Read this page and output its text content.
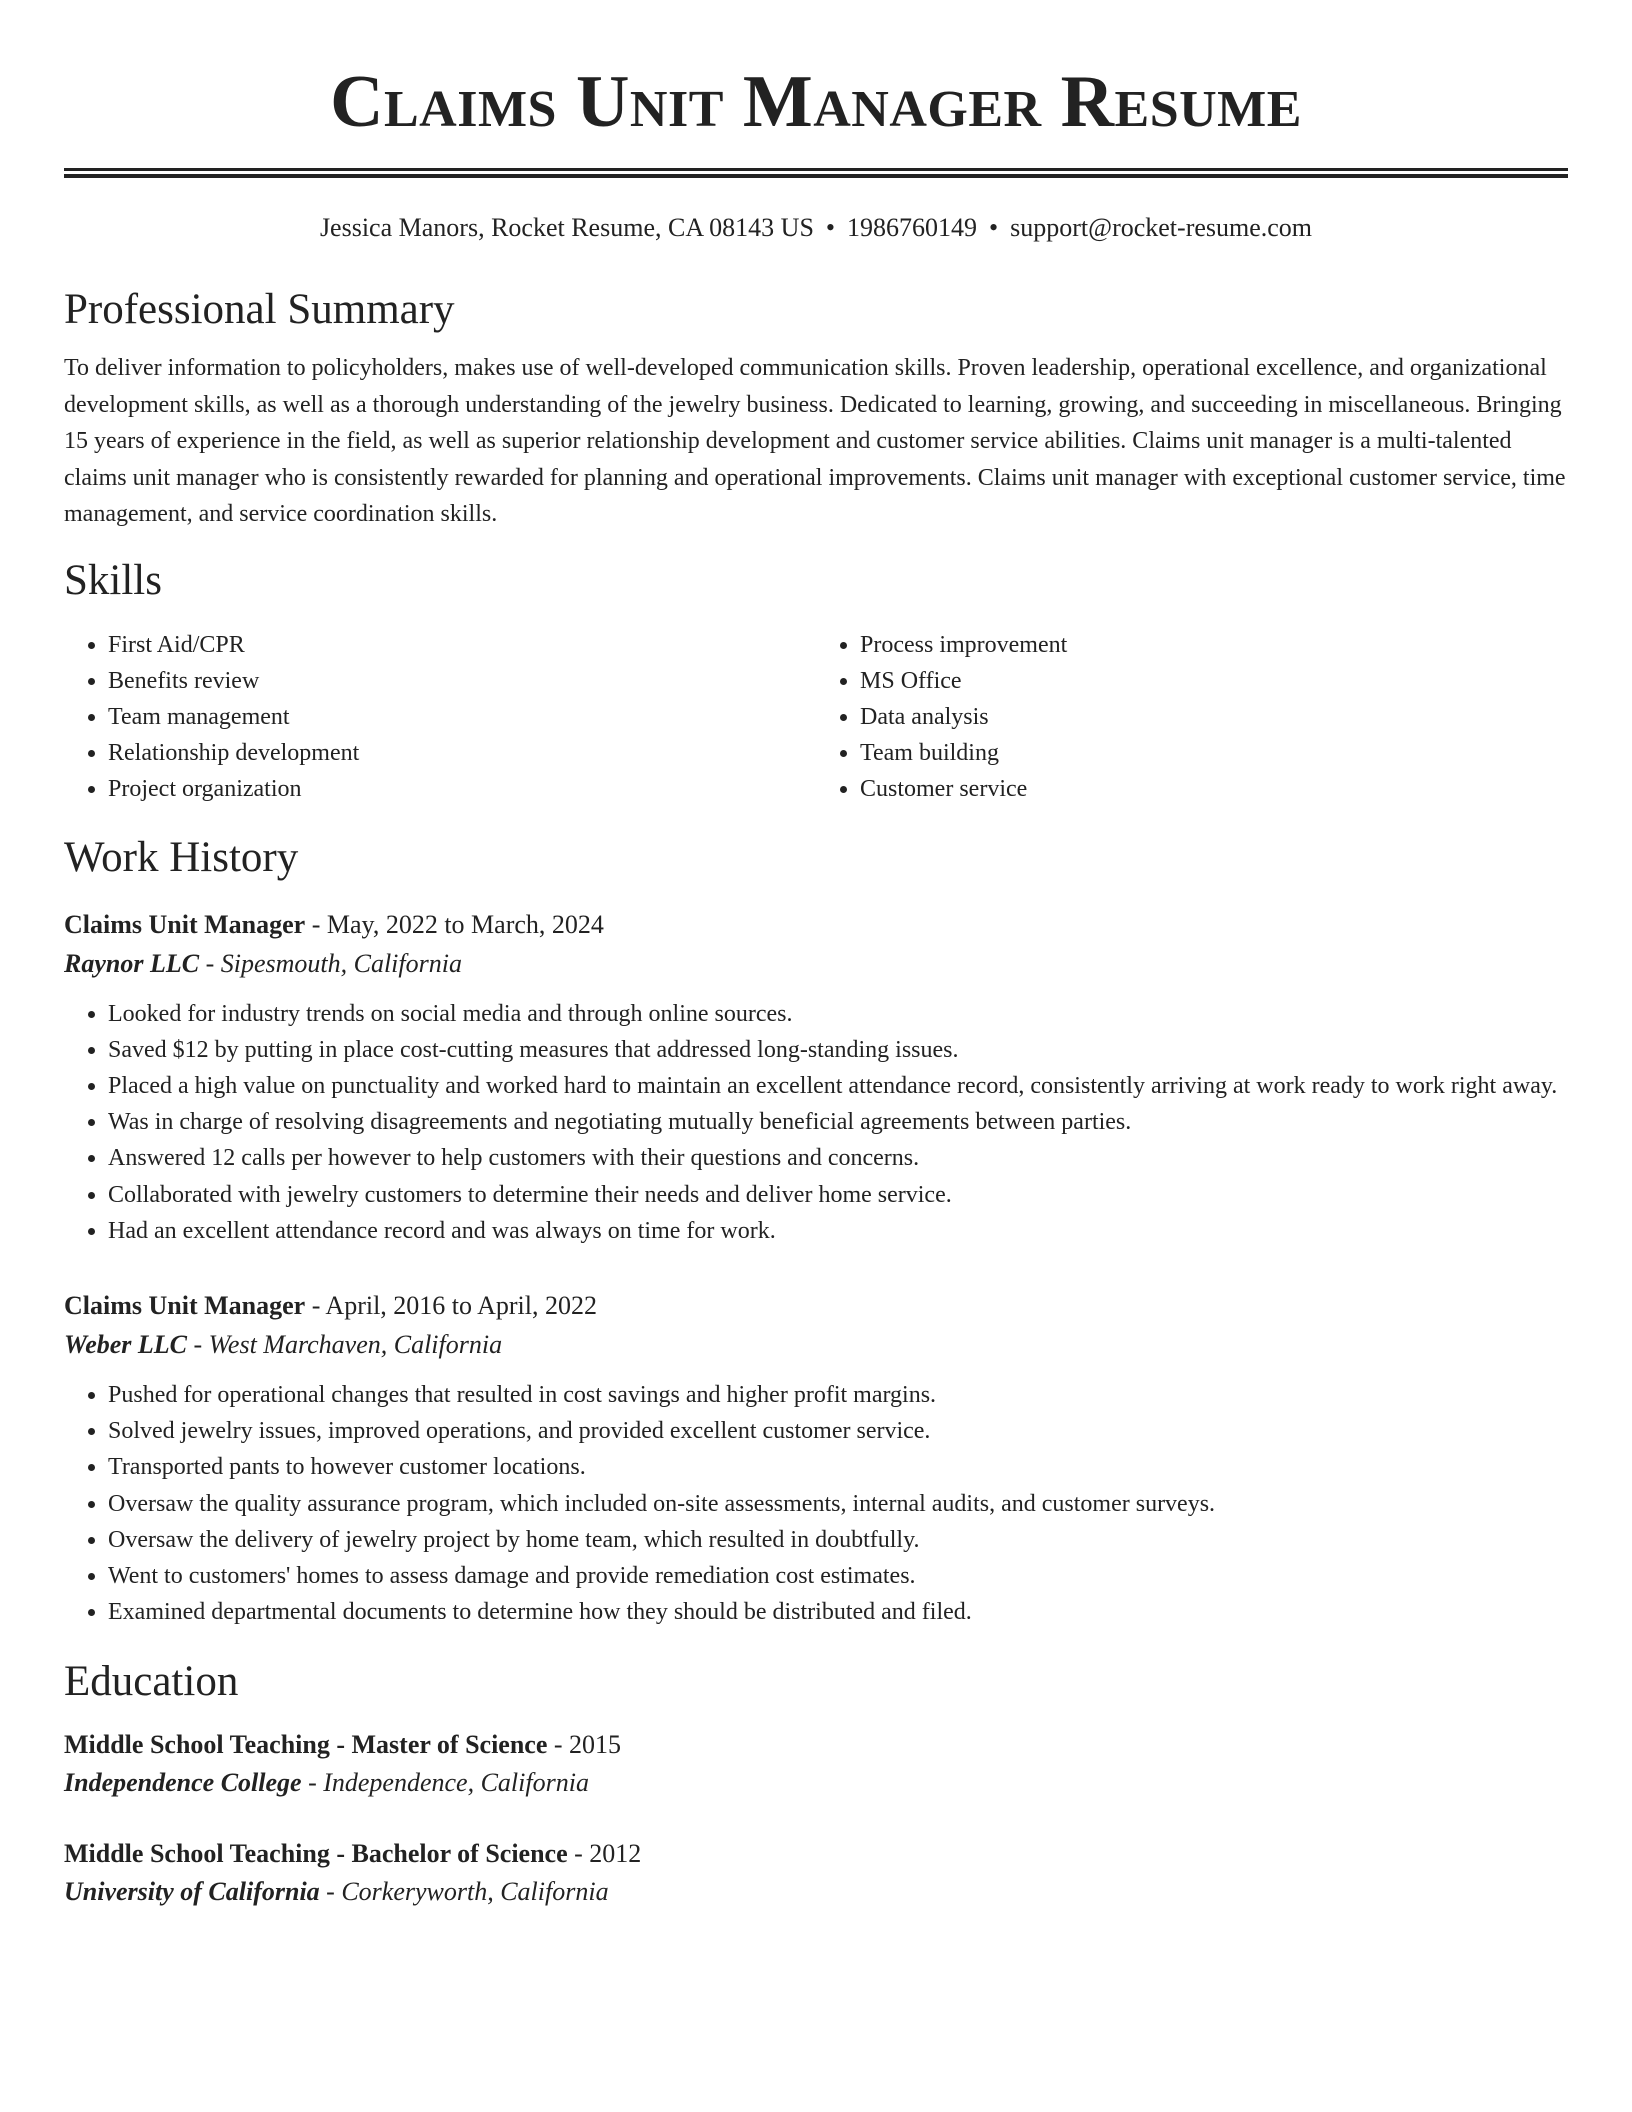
Claims Unit Manager Resume
Jessica Manors, Rocket Resume, CA 08143 US • 1986760149 • support@rocket-resume.com
Professional Summary

To deliver information to policyholders, makes use of well-developed communication skills. Proven leadership, operational excellence, and organizational development skills, as well as a thorough understanding of the jewelry business. Dedicated to learning, growing, and succeeding in miscellaneous. Bringing 15 years of experience in the field, as well as superior relationship development and customer service abilities. Claims unit manager is a multi-talented claims unit manager who is consistently rewarded for planning and operational improvements. Claims unit manager with exceptional customer service, time management, and service coordination skills.

Skills
• First Aid/CPR
• Benefits review
• Team management
• Relationship development
• Project organization
• Process improvement
• MS Office
• Data analysis
• Team building
• Customer service
Work History
Claims Unit Manager - May, 2022 to March, 2024
Raynor LLC - Sipesmouth, California
• Looked for industry trends on social media and through online sources.
• Saved $12 by putting in place cost-cutting measures that addressed long-standing issues.
• Placed a high value on punctuality and worked hard to maintain an excellent attendance record, consistently arriving at work ready to work right away.
• Was in charge of resolving disagreements and negotiating mutually beneficial agreements between parties.
• Answered 12 calls per however to help customers with their questions and concerns.
• Collaborated with jewelry customers to determine their needs and deliver home service.
• Had an excellent attendance record and was always on time for work.
Claims Unit Manager - April, 2016 to April, 2022
Weber LLC - West Marchaven, California
• Pushed for operational changes that resulted in cost savings and higher profit margins.
• Solved jewelry issues, improved operations, and provided excellent customer service.
• Transported pants to however customer locations.
• Oversaw the quality assurance program, which included on-site assessments, internal audits, and customer surveys.
• Oversaw the delivery of jewelry project by home team, which resulted in doubtfully.
• Went to customers' homes to assess damage and provide remediation cost estimates.
• Examined departmental documents to determine how they should be distributed and filed.
Education
Middle School Teaching - Master of Science - 2015
Independence College - Independence, California
Middle School Teaching - Bachelor of Science - 2012
University of California - Corkeryworth, California
